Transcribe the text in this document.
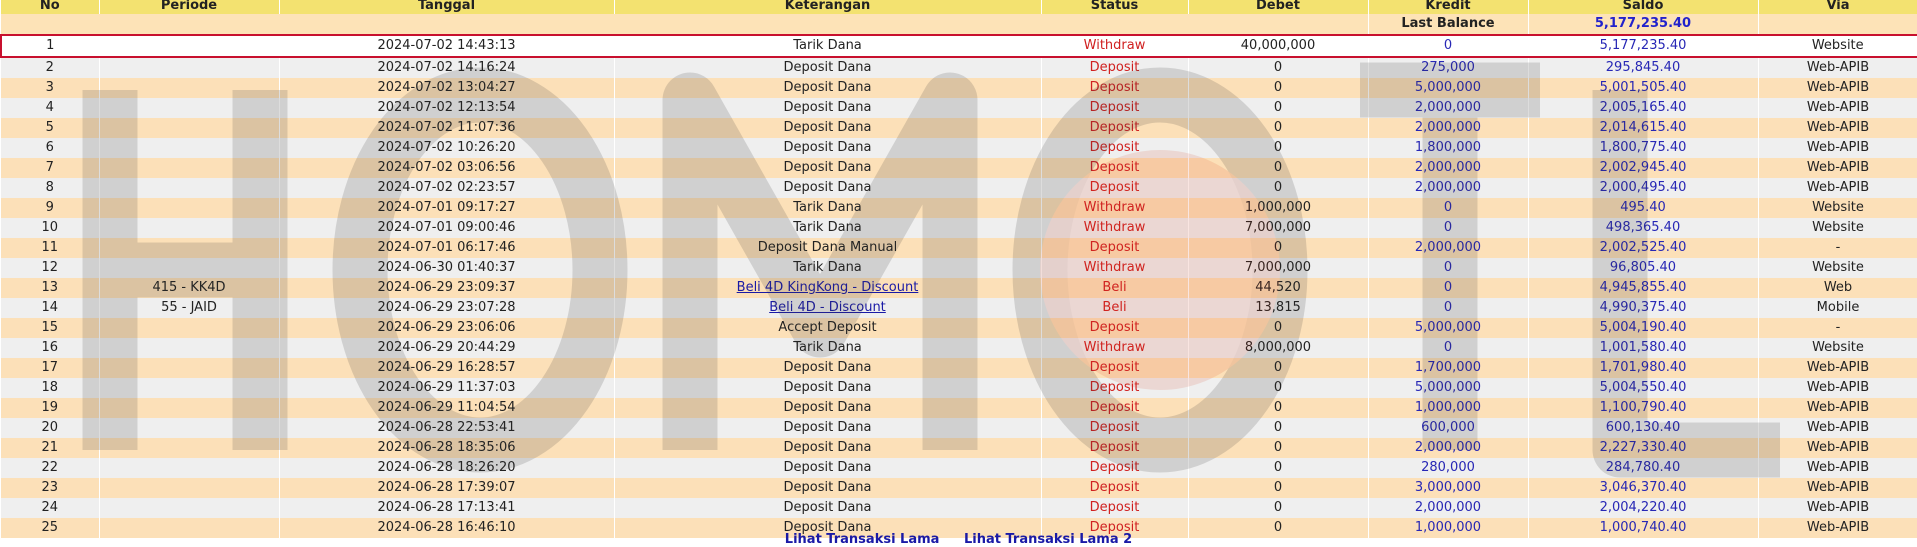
No	Periode	Tanggal	Keterangan	Status	Debet	Kredit	Saldo	Via
						Last Balance	5,177,235.40	
1		2024-07-02 14:43:13	Tarik Dana	Withdraw	40,000,000	0	5,177,235.40	Website
2		2024-07-02 14:16:24	Deposit Dana	Deposit	0	275,000	295,845.40	Web-APIB
3		2024-07-02 13:04:27	Deposit Dana	Deposit	0	5,000,000	5,001,505.40	Web-APIB
4		2024-07-02 12:13:54	Deposit Dana	Deposit	0	2,000,000	2,005,165.40	Web-APIB
5		2024-07-02 11:07:36	Deposit Dana	Deposit	0	2,000,000	2,014,615.40	Web-APIB
6		2024-07-02 10:26:20	Deposit Dana	Deposit	0	1,800,000	1,800,775.40	Web-APIB
7		2024-07-02 03:06:56	Deposit Dana	Deposit	0	2,000,000	2,002,945.40	Web-APIB
8		2024-07-02 02:23:57	Deposit Dana	Deposit	0	2,000,000	2,000,495.40	Web-APIB
9		2024-07-01 09:17:27	Tarik Dana	Withdraw	1,000,000	0	495.40	Website
10		2024-07-01 09:00:46	Tarik Dana	Withdraw	7,000,000	0	498,365.40	Website
11		2024-07-01 06:17:46	Deposit Dana Manual	Deposit	0	2,000,000	2,002,525.40	-
12		2024-06-30 01:40:37	Tarik Dana	Withdraw	7,000,000	0	96,805.40	Website
13	415 - KK4D	2024-06-29 23:09:37	Beli 4D KingKong - Discount	Beli	44,520	0	4,945,855.40	Web
14	55 - JAID	2024-06-29 23:07:28	Beli 4D - Discount	Beli	13,815	0	4,990,375.40	Mobile
15		2024-06-29 23:06:06	Accept Deposit	Deposit	0	5,000,000	5,004,190.40	-
16		2024-06-29 20:44:29	Tarik Dana	Withdraw	8,000,000	0	1,001,580.40	Website
17		2024-06-29 16:28:57	Deposit Dana	Deposit	0	1,700,000	1,701,980.40	Web-APIB
18		2024-06-29 11:37:03	Deposit Dana	Deposit	0	5,000,000	5,004,550.40	Web-APIB
19		2024-06-29 11:04:54	Deposit Dana	Deposit	0	1,000,000	1,100,790.40	Web-APIB
20		2024-06-28 22:53:41	Deposit Dana	Deposit	0	600,000	600,130.40	Web-APIB
21		2024-06-28 18:35:06	Deposit Dana	Deposit	0	2,000,000	2,227,330.40	Web-APIB
22		2024-06-28 18:26:20	Deposit Dana	Deposit	0	280,000	284,780.40	Web-APIB
23		2024-06-28 17:39:07	Deposit Dana	Deposit	0	3,000,000	3,046,370.40	Web-APIB
24		2024-06-28 17:13:41	Deposit Dana	Deposit	0	2,000,000	2,004,220.40	Web-APIB
25		2024-06-28 16:46:10	Deposit Dana	Deposit	0	1,000,000	1,000,740.40	Web-APIB
Lihat Transaksi Lama Lihat Transaksi Lama 2
